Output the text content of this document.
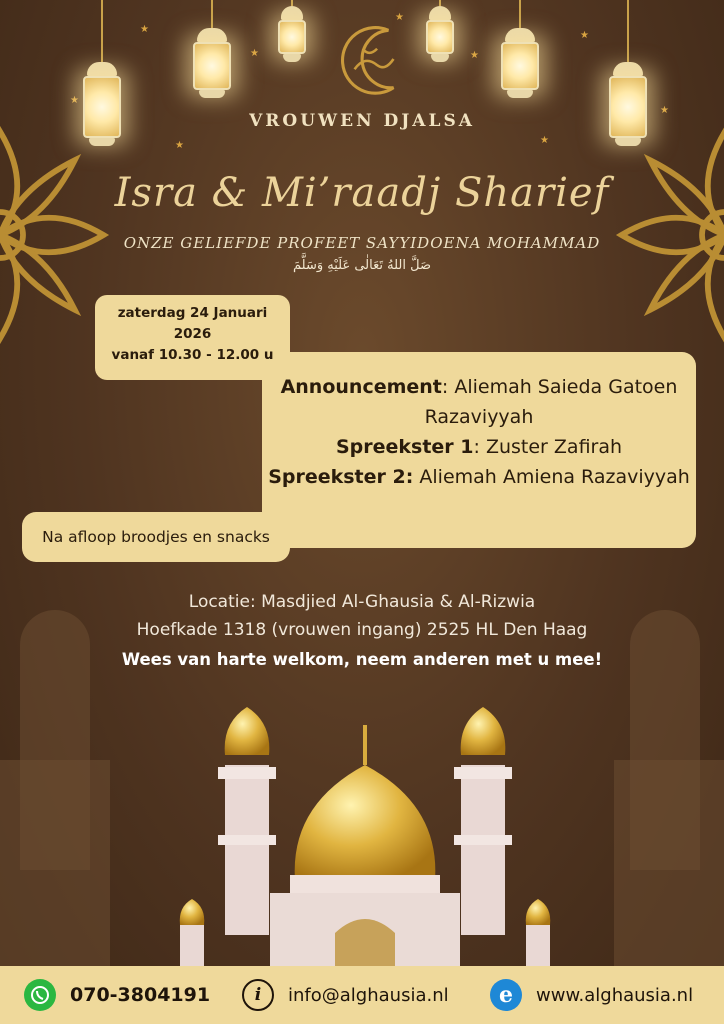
★
★
★
★
★
★
★
★	★
VROUWEN DJALSA
Isra & Mi’raadj Sharief
ONZE GELIEFDE PROFEET SAYYIDOENA MOHAMMAD
صَلَّ اللهُ تَعَالٰى عَلَيْهِ وَسَلَّمَ
Announcement: Aliemah Saieda Gatoen Razaviyyah
Spreekster 1: Zuster Zafirah
Spreekster 2: Aliemah Amiena Razaviyyah
zaterdag 24 Januari
2026
vanaf 10.30 - 12.00 u
Na afloop broodjes en snacks
Locatie: Masdjied Al-Ghausia & Al-Rizwia
Hoefkade 1318 (vrouwen ingang) 2525 HL Den Haag
Wees van harte welkom, neem anderen met u mee!
070-3804191	i info@alghausia.nl e www.alghausia.nl
